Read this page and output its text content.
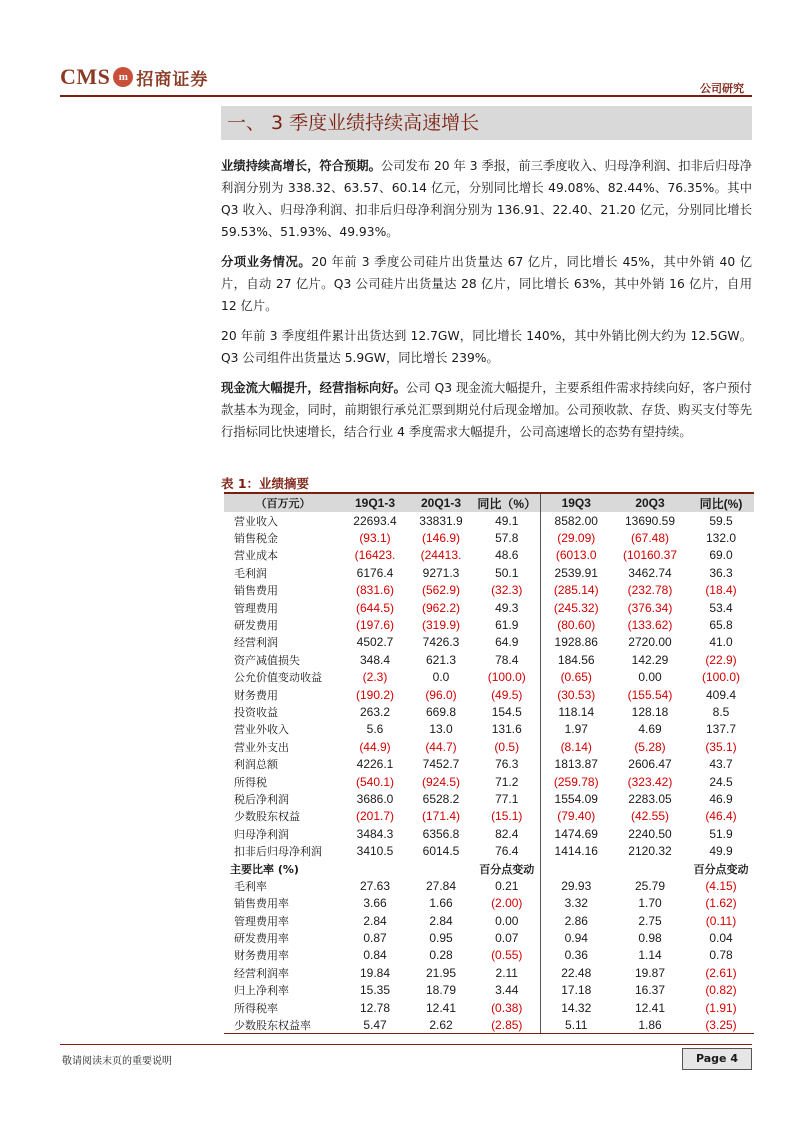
CMS m 招商证券	公司研究
一、 3 季度业绩持续高速增长

业绩持续高增长，符合预期。公司发布 20 年 3 季报，前三季度收入、归母净利润、扣非后归母净利润分别为 338.32、63.57、60.14 亿元，分别同比增长 49.08%、82.44%、76.35%。其中 Q3 收入、归母净利润、扣非后归母净利润分别为 136.91、22.40、21.20 亿元，分别同比增长 59.53%、51.93%、49.93%。

分项业务情况。20 年前 3 季度公司硅片出货量达 67 亿片，同比增长 45%，其中外销 40 亿片，自动 27 亿片。Q3 公司硅片出货量达 28 亿片，同比增长 63%，其中外销 16 亿片，自用 12 亿片。

20 年前 3 季度组件累计出货达到 12.7GW，同比增长 140%，其中外销比例大约为 12.5GW。Q3 公司组件出货量达 5.9GW，同比增长 239%。

现金流大幅提升，经营指标向好。公司 Q3 现金流大幅提升，主要系组件需求持续向好，客户预付款基本为现金，同时，前期银行承兑汇票到期兑付后现金增加。公司预收款、存货、购买支付等先行指标同比快速增长，结合行业 4 季度需求大幅提升，公司高速增长的态势有望持续。

表 1：业绩摘要
（百万元）	19Q1-3	20Q1-3	同比（%）	19Q3	20Q3	同比(%)
营业收入	22693.4	33831.9	49.1	8582.00	13690.59	59.5
销售税金	(93.1)	(146.9)	57.8	(29.09)	(67.48)	132.0
营业成本	(16423.	(24413.	48.6	(6013.0	(10160.37	69.0
毛利润	6176.4	9271.3	50.1	2539.91	3462.74	36.3
销售费用	(831.6)	(562.9)	(32.3)	(285.14)	(232.78)	(18.4)
管理费用	(644.5)	(962.2)	49.3	(245.32)	(376.34)	53.4
研发费用	(197.6)	(319.9)	61.9	(80.60)	(133.62)	65.8
经营利润	4502.7	7426.3	64.9	1928.86	2720.00	41.0
资产减值损失	348.4	621.3	78.4	184.56	142.29	(22.9)
公允价值变动收益	(2.3)	0.0	(100.0)	(0.65)	0.00	(100.0)
财务费用	(190.2)	(96.0)	(49.5)	(30.53)	(155.54)	409.4
投资收益	263.2	669.8	154.5	118.14	128.18	8.5
营业外收入	5.6	13.0	131.6	1.97	4.69	137.7
营业外支出	(44.9)	(44.7)	(0.5)	(8.14)	(5.28)	(35.1)
利润总额	4226.1	7452.7	76.3	1813.87	2606.47	43.7
所得税	(540.1)	(924.5)	71.2	(259.78)	(323.42)	24.5
税后净利润	3686.0	6528.2	77.1	1554.09	2283.05	46.9
少数股东权益	(201.7)	(171.4)	(15.1)	(79.40)	(42.55)	(46.4)
归母净利润	3484.3	6356.8	82.4	1474.69	2240.50	51.9
扣非后归母净利润	3410.5	6014.5	76.4	1414.16	2120.32	49.9
主要比率 (%)			百分点变动			百分点变动
毛利率	27.63	27.84	0.21	29.93	25.79	(4.15)
销售费用率	3.66	1.66	(2.00)	3.32	1.70	(1.62)
管理费用率	2.84	2.84	0.00	2.86	2.75	(0.11)
研发费用率	0.87	0.95	0.07	0.94	0.98	0.04
财务费用率	0.84	0.28	(0.55)	0.36	1.14	0.78
经营利润率	19.84	21.95	2.11	22.48	19.87	(2.61)
归上净利率	15.35	18.79	3.44	17.18	16.37	(0.82)
所得税率	12.78	12.41	(0.38)	14.32	12.41	(1.91)
少数股东权益率	5.47	2.62	(2.85)	5.11	1.86	(3.25)
敬请阅读末页的重要说明	Page 4
